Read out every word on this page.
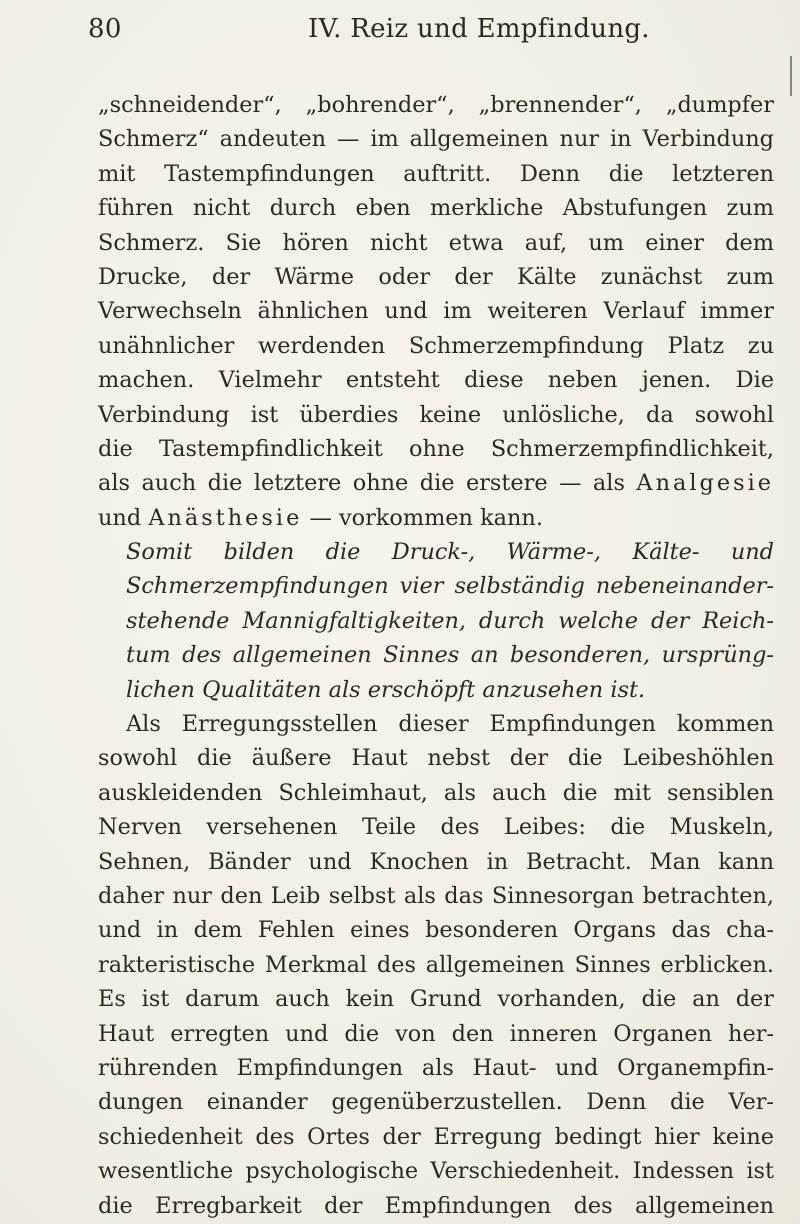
80	IV. Reiz und Empfindung.
„schneidender“, „bohrender“, „brennender“, „dumpfer
Schmerz“ andeuten — im allgemeinen nur in Verbindung
mit Tastempfindungen auftritt. Denn die letzteren
führen nicht durch eben merkliche Abstufungen zum
Schmerz. Sie hören nicht etwa auf, um einer dem
Drucke, der Wärme oder der Kälte zunächst zum
Verwechseln ähnlichen und im weiteren Verlauf immer
unähnlicher werdenden Schmerzempfindung Platz zu
machen. Vielmehr entsteht diese neben jenen. Die
Verbindung ist überdies keine unlösliche, da sowohl
die Tastempfindlichkeit ohne Schmerzempfindlichkeit,
als auch die letztere ohne die erstere — als Analgesie
und Anästhesie — vorkommen kann.
Somit bilden die Druck-, Wärme-, Kälte- und
Schmerzempfindungen vier selbständig nebeneinander-
stehende Mannigfaltigkeiten, durch welche der Reich-
tum des allgemeinen Sinnes an besonderen, ursprüng-
lichen Qualitäten als erschöpft anzusehen ist.
Als Erregungsstellen dieser Empfindungen kommen
sowohl die äußere Haut nebst der die Leibeshöhlen
auskleidenden Schleimhaut, als auch die mit sensiblen
Nerven versehenen Teile des Leibes: die Muskeln,
Sehnen, Bänder und Knochen in Betracht. Man kann
daher nur den Leib selbst als das Sinnesorgan betrachten,
und in dem Fehlen eines besonderen Organs das cha-
rakteristische Merkmal des allgemeinen Sinnes erblicken.
Es ist darum auch kein Grund vorhanden, die an der
Haut erregten und die von den inneren Organen her-
rührenden Empfindungen als Haut- und Organempfin-
dungen einander gegenüberzustellen. Denn die Ver-
schiedenheit des Ortes der Erregung bedingt hier keine
wesentliche psychologische Verschiedenheit. Indessen ist
die Erregbarkeit der Empfindungen des allgemeinen
